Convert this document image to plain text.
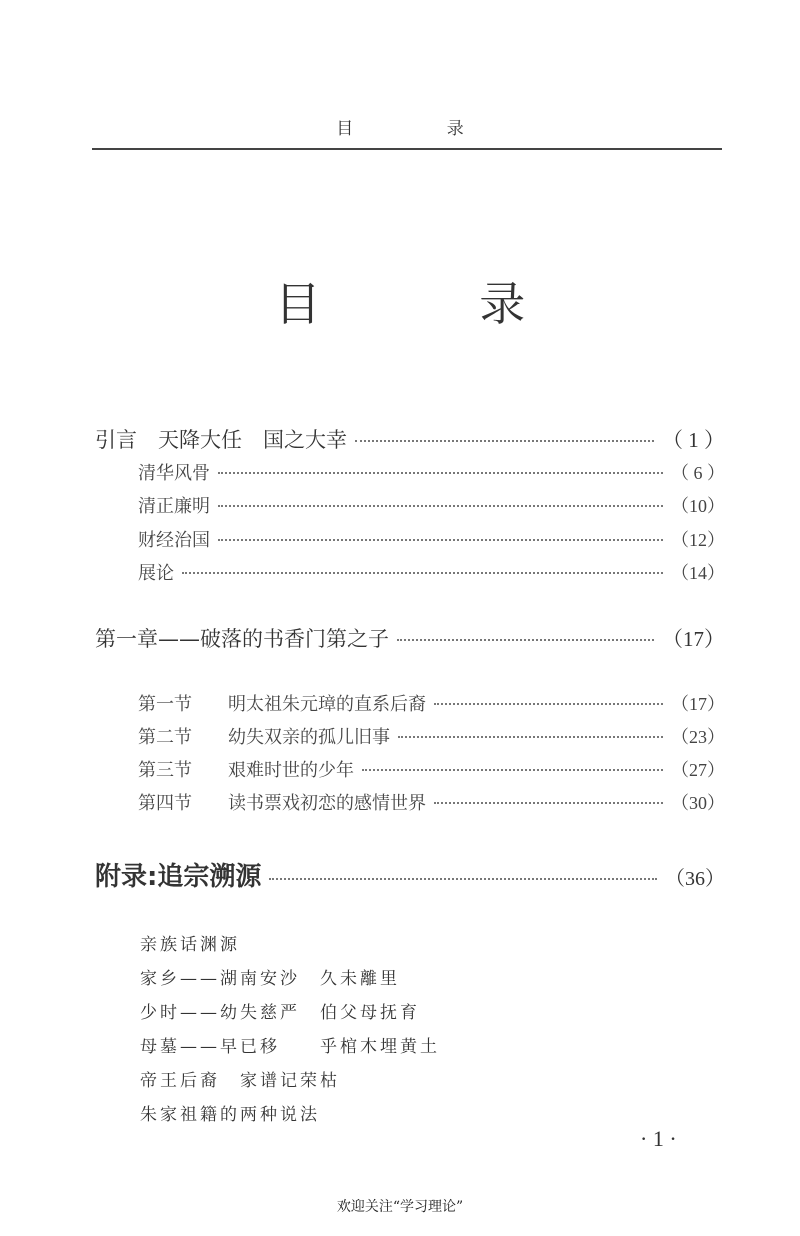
目 录
目 录
引言　天降大任　国之大幸	（ 1 ）
清华风骨	（ 6 ）
清正廉明	（10）
财经治国	（12）
展论	（14）
第一章——破落的书香门第之子	（17）
第一节 明太祖朱元璋的直系后裔	（17）
第二节 幼失双亲的孤儿旧事	（23）
第三节 艰难时世的少年	（27）
第四节 读书票戏初恋的感情世界	（30）
附录:追宗溯源	（36）
亲族话渊源
家乡——湖南安沙　久未離里
少时——幼失慈严　伯父母抚育
母墓——早已移　　乎棺木埋黄土
帝王后裔　家谱记荣枯
朱家祖籍的两种说法
· 1 ·
欢迎关注“学习理论”
